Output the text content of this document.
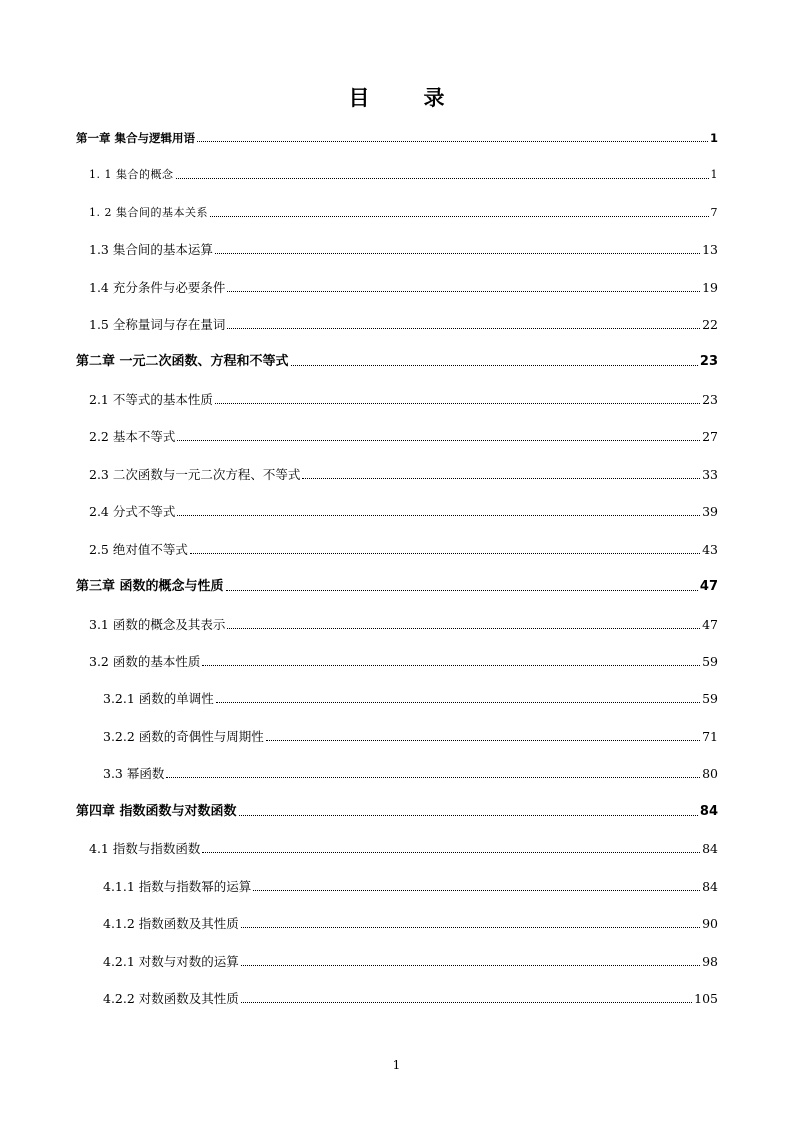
目	录
第一章 集合与逻辑用语	1
1. 1 集合的概念	1
1. 2 集合间的基本关系	7
1.3 集合间的基本运算	13
1.4 充分条件与必要条件	19
1.5 全称量词与存在量词	22
第二章 一元二次函数、方程和不等式	23
2.1 不等式的基本性质	23
2.2 基本不等式	27
2.3 二次函数与一元二次方程、不等式	33
2.4 分式不等式	39
2.5 绝对值不等式	43
第三章 函数的概念与性质	47
3.1 函数的概念及其表示	47
3.2 函数的基本性质	59
3.2.1 函数的单调性	59
3.2.2 函数的奇偶性与周期性	71
3.3 幂函数	80
第四章 指数函数与对数函数	84
4.1 指数与指数函数	84
4.1.1 指数与指数幂的运算	84
4.1.2 指数函数及其性质	90
4.2.1 对数与对数的运算	98
4.2.2 对数函数及其性质	105
1
